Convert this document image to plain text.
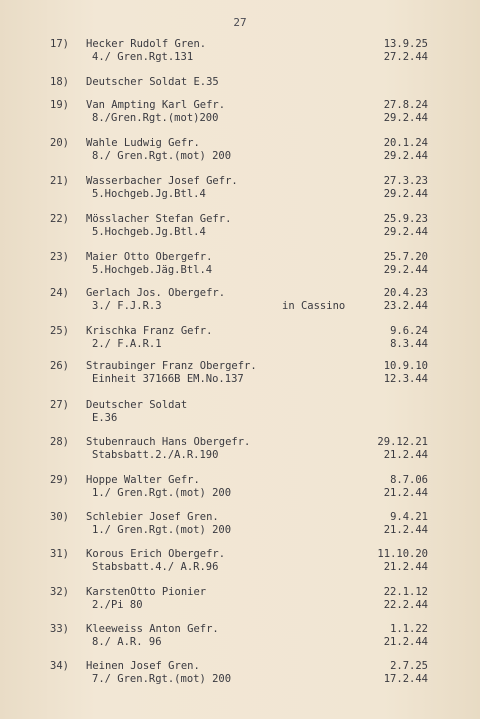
27
17)	Hecker Rudolf Gren.
4./ Gren.Rgt.131
13.9.25
27.2.44
18)	Deutscher Soldat E.35
19)	Van Ampting Karl Gefr.
8./Gren.Rgt.(mot)200
27.8.24
29.2.44
20)	Wahle Ludwig Gefr.
8./ Gren.Rgt.(mot) 200
20.1.24
29.2.44
21)	Wasserbacher Josef Gefr.
5.Hochgeb.Jg.Btl.4
27.3.23
29.2.44
22)	Mösslacher Stefan Gefr.
5.Hochgeb.Jg.Btl.4
25.9.23
29.2.44
23)	Maier Otto Obergefr.
5.Hochgeb.Jäg.Btl.4
25.7.20
29.2.44
24)	Gerlach Jos. Obergefr.
3./ F.J.R.3
20.4.23
23.2.44
in Cassino
25)	Krischka Franz Gefr.
2./ F.A.R.1
9.6.24
8.3.44
26)	Straubinger Franz Obergefr.
Einheit 37166B EM.No.137
10.9.10
12.3.44
27)	Deutscher Soldat
E.36
28)	Stubenrauch Hans Obergefr.
Stabsbatt.2./A.R.190
29.12.21
21.2.44
29)	Hoppe Walter Gefr.
1./ Gren.Rgt.(mot) 200
8.7.06
21.2.44
30)	Schlebier Josef Gren.
1./ Gren.Rgt.(mot) 200
9.4.21
21.2.44
31)	Korous Erich Obergefr.
Stabsbatt.4./ A.R.96
11.10.20
21.2.44
32)	KarstenOtto Pionier
2./Pi 80
22.1.12
22.2.44
33)	Kleeweiss Anton Gefr.
8./ A.R. 96
1.1.22
21.2.44
34)	Heinen Josef Gren.
7./ Gren.Rgt.(mot) 200
2.7.25
17.2.44
